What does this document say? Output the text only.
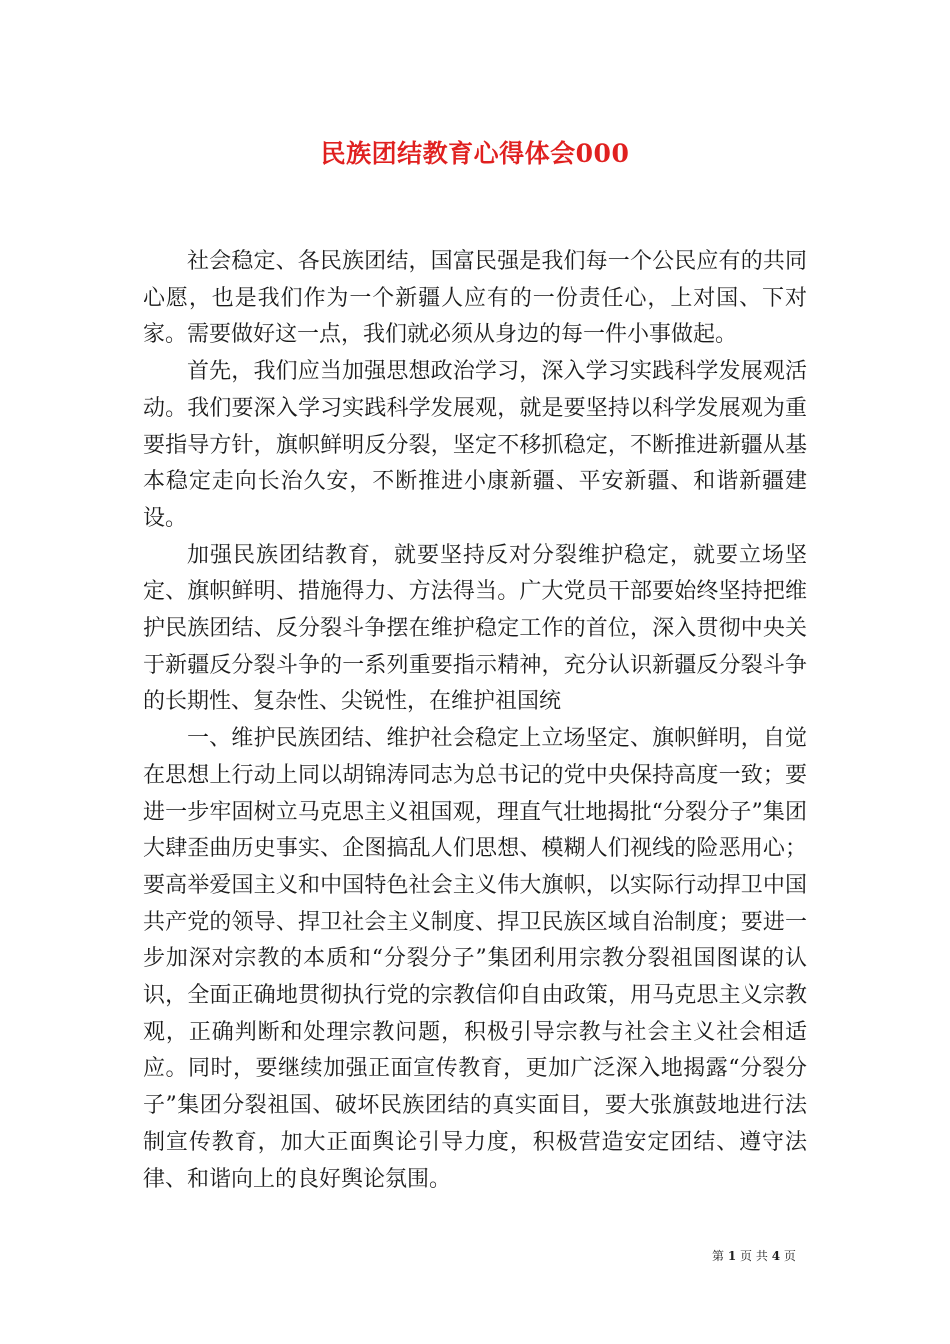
民族团结教育心得体会000

社会稳定、各民族团结，国富民强是我们每一个公民应有的共同心愿，也是我们作为一个新疆人应有的一份责任心，上对国、下对家。需要做好这一点，我们就必须从身边的每一件小事做起。

首先，我们应当加强思想政治学习，深入学习实践科学发展观活动。我们要深入学习实践科学发展观，就是要坚持以科学发展观为重要指导方针，旗帜鲜明反分裂，坚定不移抓稳定，不断推进新疆从基本稳定走向长治久安，不断推进小康新疆、平安新疆、和谐新疆建设。

加强民族团结教育，就要坚持反对分裂维护稳定，就要立场坚定、旗帜鲜明、措施得力、方法得当。广大党员干部要始终坚持把维护民族团结、反分裂斗争摆在维护稳定工作的首位，深入贯彻中央关于新疆反分裂斗争的一系列重要指示精神，充分认识新疆反分裂斗争的长期性、复杂性、尖锐性，在维护祖国统

一、维护民族团结、维护社会稳定上立场坚定、旗帜鲜明，自觉在思想上行动上同以胡锦涛同志为总书记的党中央保持高度一致；要进一步牢固树立马克思主义祖国观，理直气壮地揭批“分裂分子”集团大肆歪曲历史事实、企图搞乱人们思想、模糊人们视线的险恶用心；要高举爱国主义和中国特色社会主义伟大旗帜，以实际行动捍卫中国共产党的领导、捍卫社会主义制度、捍卫民族区域自治制度；要进一步加深对宗教的本质和“分裂分子”集团利用宗教分裂祖国图谋的认识，全面正确地贯彻执行党的宗教信仰自由政策，用马克思主义宗教观，正确判断和处理宗教问题，积极引导宗教与社会主义社会相适应。同时，要继续加强正面宣传教育，更加广泛深入地揭露“分裂分子”集团分裂祖国、破坏民族团结的真实面目，要大张旗鼓地进行法制宣传教育，加大正面舆论引导力度，积极营造安定团结、遵守法律、和谐向上的良好舆论氛围。

第 1 页 共 4 页
